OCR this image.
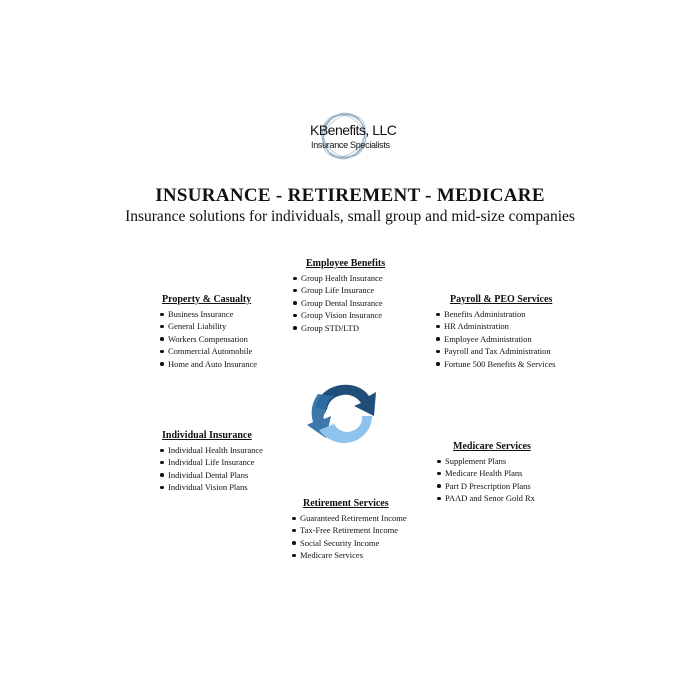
KBenefits, LLC
Insurance Specialists
INSURANCE - RETIREMENT - MEDICARE
Insurance solutions for individuals, small group and mid-size companies
Employee Benefits
Group Health Insurance
Group Life Insurance
Group Dental Insurance
Group Vision Insurance
Group STD/LTD
Property & Casualty
Business Insurance
General Liability
Workers Compensation
Commercial Automobile
Home and Auto Insurance
Payroll & PEO Services
Benefits Administration
HR Administration
Employee Administration
Payroll and Tax Administration
Fortune 500 Benefits & Services
Individual Insurance
Individual Health Insurance
Individual Life Insurance
Individual Dental Plans
Individual Vision Plans
Medicare Services
Supplement Plans
Medicare Health Plans
Part D Prescription Plans
PAAD and Senor Gold Rx
Retirement Services
Guaranteed Retirement Income
Tax-Free Retirement Income
Social Security Income
Medicare Services
